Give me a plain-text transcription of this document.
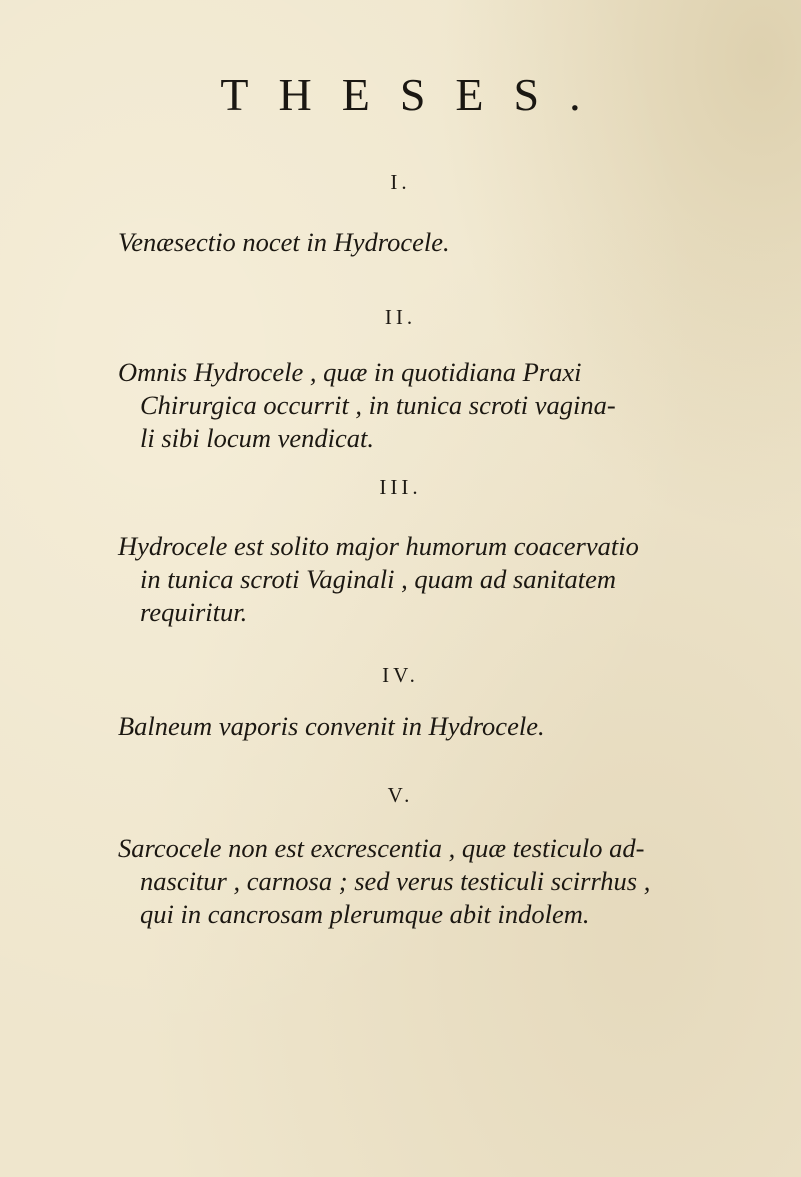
THESES.
I.
Venæsectio nocet in Hydrocele.
II.
Omnis Hydrocele , quæ in quotidiana Praxi
Chirurgica occurrit , in tunica scroti vagina-
li sibi locum vendicat.
III.
Hydrocele est solito major humorum coacervatio
in tunica scroti Vaginali , quam ad sanitatem
requiritur.
IV.
Balneum vaporis convenit in Hydrocele.
V.
Sarcocele non est excrescentia , quæ testiculo ad-
nascitur , carnosa ; sed verus testiculi scirrhus ,
qui in cancrosam plerumque abit indolem.
